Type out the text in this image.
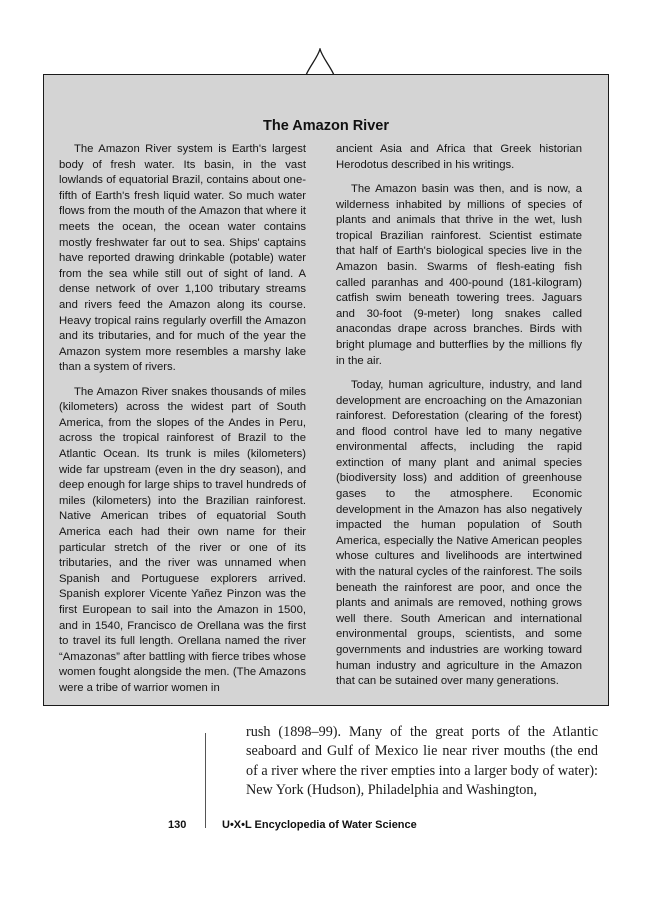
The Amazon River

The Amazon River system is Earth's largest body of fresh water. Its basin, in the vast lowlands of equatorial Brazil, contains about one-fifth of Earth's fresh liquid water. So much water flows from the mouth of the Amazon that where it meets the ocean, the ocean water contains mostly freshwater far out to sea. Ships' captains have reported drawing drinkable (potable) water from the sea while still out of sight of land. A dense network of over 1,100 tributary streams and rivers feed the Amazon along its course. Heavy tropical rains regularly overfill the Amazon and its tributaries, and for much of the year the Amazon system more resembles a marshy lake than a system of rivers.

The Amazon River snakes thousands of miles (kilometers) across the widest part of South America, from the slopes of the Andes in Peru, across the tropical rainforest of Brazil to the Atlantic Ocean. Its trunk is miles (kilometers) wide far upstream (even in the dry season), and deep enough for large ships to travel hundreds of miles (kilometers) into the Brazilian rainforest. Native American tribes of equatorial South America each had their own name for their particular stretch of the river or one of its tributaries, and the river was unnamed when Spanish and Portuguese explorers arrived. Spanish explorer Vicente Yañez Pinzon was the first European to sail into the Amazon in 1500, and in 1540, Francisco de Orellana was the first to travel its full length. Orellana named the river “Amazonas” after battling with fierce tribes whose women fought alongside the men. (The Amazons were a tribe of warrior women in

ancient Asia and Africa that Greek historian Herodotus described in his writings.

The Amazon basin was then, and is now, a wilderness inhabited by millions of species of plants and animals that thrive in the wet, lush tropical Brazilian rainforest. Scientist estimate that half of Earth's biological species live in the Amazon basin. Swarms of flesh-eating fish called paranhas and 400-pound (181-kilogram) catfish swim beneath towering trees. Jaguars and 30-foot (9-meter) long snakes called anacondas drape across branches. Birds with bright plumage and butterflies by the millions fly in the air.

Today, human agriculture, industry, and land development are encroaching on the Amazonian rainforest. Deforestation (clearing of the forest) and flood control have led to many negative environmental affects, including the rapid extinction of many plant and animal species (biodiversity loss) and addition of greenhouse gases to the atmosphere. Economic development in the Amazon has also negatively impacted the human population of South America, especially the Native American peoples whose cultures and livelihoods are intertwined with the natural cycles of the rainforest. The soils beneath the rainforest are poor, and once the plants and animals are removed, nothing grows well there. South American and international environmental groups, scientists, and some governments and industries are working toward human industry and agriculture in the Amazon that can be sutained over many generations.

rush (1898–99). Many of the great ports of the Atlantic seaboard and Gulf of Mexico lie near river mouths (the end of a river where the river empties into a larger body of water): New York (Hudson), Philadelphia and Washington,

130	U•X•L Encyclopedia of Water Science
